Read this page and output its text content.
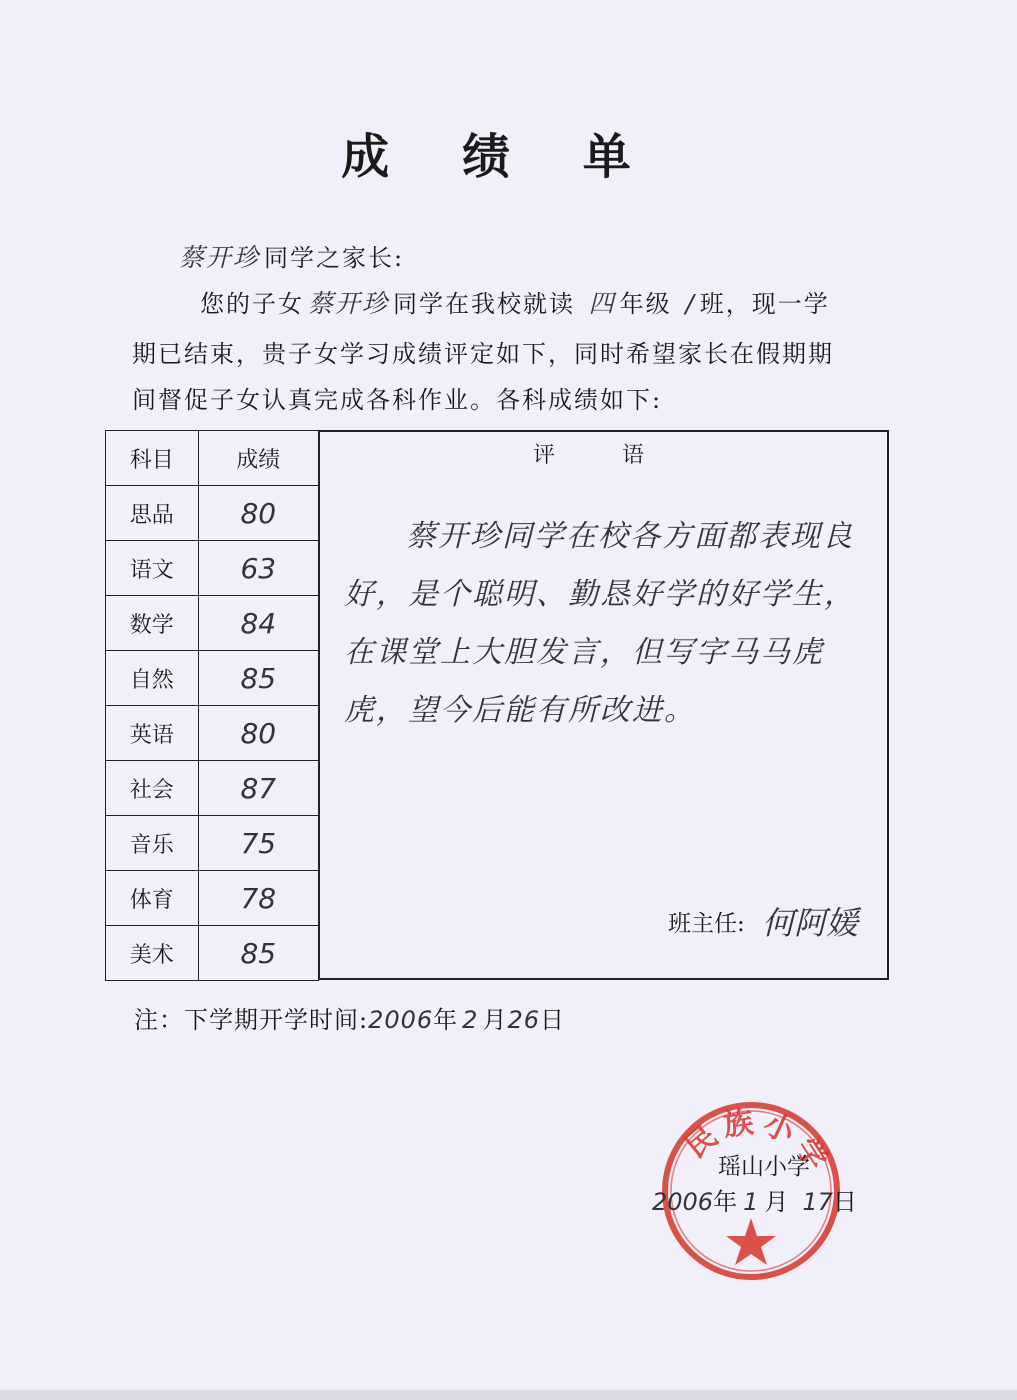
成 绩 单
蔡开珍 同学之家长:
您的子女 蔡开珍 同学在我校就读 四 年级 / 班，现一学
期已结束，贵子女学习成绩评定如下，同时希望家长在假期期
间督促子女认真完成各科作业。各科成绩如下:
科目	成绩
思品	80
语文	63
数学	84
自然	85
英语	80
社会	87
音乐	75
体育	78
美术	85
评 语
蔡开珍同学在校各方面都表现良好，是个聪明、勤恳好学的好学生，在课堂上大胆发言，但写字马马虎虎，望今后能有所改进。
班主任: 何阿媛
注：下学期开学时间:2006年 2 月26日
民族小学
瑶山小学
2006年 1 月 17日
